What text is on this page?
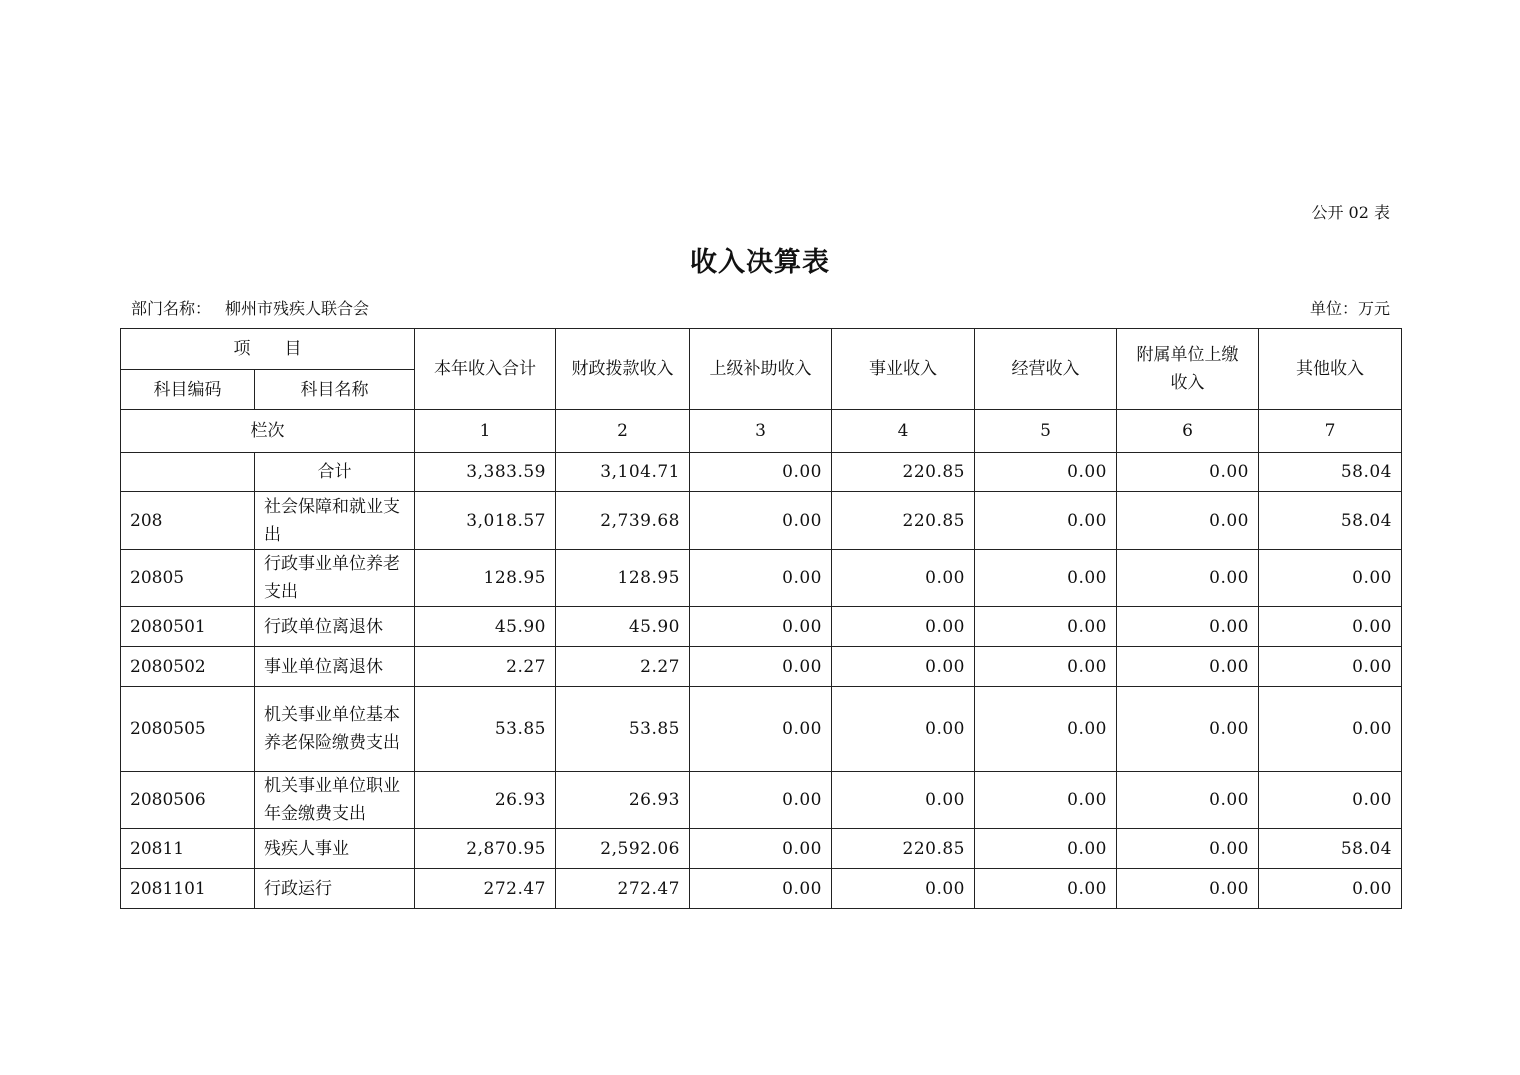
公开 02 表
收入决算表
部门名称： 柳州市残疾人联合会	单位：万元
项　　目		本年收入合计	财政拨款收入	上级补助收入	事业收入	经营收入	附属单位上缴收入	其他收入
科目编码	科目名称							
栏次		1	2	3	4	5	6	7
	合计	3,383.59	3,104.71	0.00	220.85	0.00	0.00	58.04
208	社会保障和就业支出	3,018.57	2,739.68	0.00	220.85	0.00	0.00	58.04
20805	行政事业单位养老支出	128.95	128.95	0.00	0.00	0.00	0.00	0.00
2080501	行政单位离退休	45.90	45.90	0.00	0.00	0.00	0.00	0.00
2080502	事业单位离退休	2.27	2.27	0.00	0.00	0.00	0.00	0.00
2080505	机关事业单位基本养老保险缴费支出	53.85	53.85	0.00	0.00	0.00	0.00	0.00
2080506	机关事业单位职业年金缴费支出	26.93	26.93	0.00	0.00	0.00	0.00	0.00
20811	残疾人事业	2,870.95	2,592.06	0.00	220.85	0.00	0.00	58.04
2081101	行政运行	272.47	272.47	0.00	0.00	0.00	0.00	0.00
